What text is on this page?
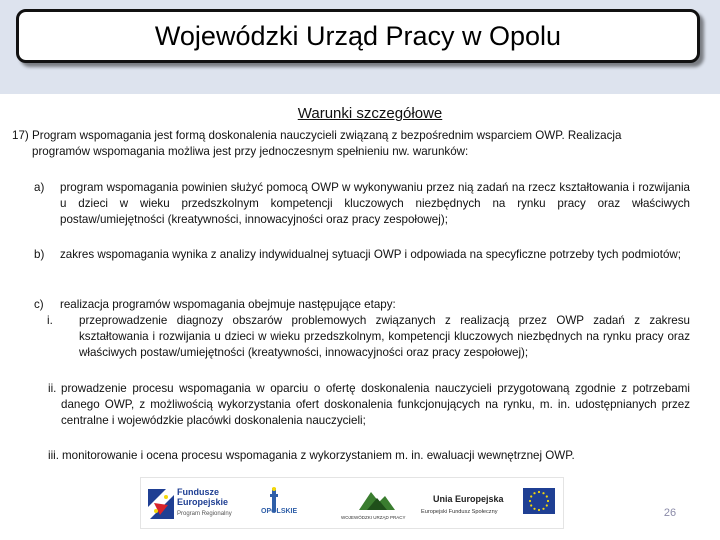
Wojewódzki Urząd Pracy w Opolu
Warunki szczegółowe
17) Program wspomagania jest formą doskonalenia nauczycieli związaną z bezpośrednim wsparciem OWP. Realizacja
programów wspomagania możliwa jest przy jednoczesnym spełnieniu nw. warunków:
a) program wspomagania powinien służyć pomocą OWP w wykonywaniu przez nią zadań na rzecz kształtowania i rozwijania u dzieci w wieku przedszkolnym kompetencji kluczowych niezbędnych na rynku pracy oraz właściwych postaw/umiejętności (kreatywności, innowacyjności oraz pracy zespołowej);
b) zakres wspomagania wynika z analizy indywidualnej sytuacji OWP i odpowiada na specyficzne potrzeby tych podmiotów;
c) realizacja programów wspomagania obejmuje następujące etapy:
i. przeprowadzenie diagnozy obszarów problemowych związanych z realizacją przez OWP zadań z zakresu kształtowania i rozwijania u dzieci w wieku przedszkolnym, kompetencji kluczowych niezbędnych na rynku pracy oraz właściwych postaw/umiejętności (kreatywności, innowacyjności oraz pracy zespołowej);
ii. prowadzenie procesu wspomagania w oparciu o ofertę doskonalenia nauczycieli przygotowaną zgodnie z potrzebami danego OWP, z możliwością wykorzystania ofert doskonalenia funkcjonujących na rynku, m. in. udostępnianych przez centralne i wojewódzkie placówki doskonalenia nauczycieli;
iii. monitorowanie i ocena procesu wspomagania z wykorzystaniem m. in. ewaluacji wewnętrznej OWP.
Fundusze
Europejskie
Program Regionalny	OPOLSKIE
WOJEWÓDZKI URZĄD PRACY
Unia Europejska
Europejski Fundusz Społeczny	26
